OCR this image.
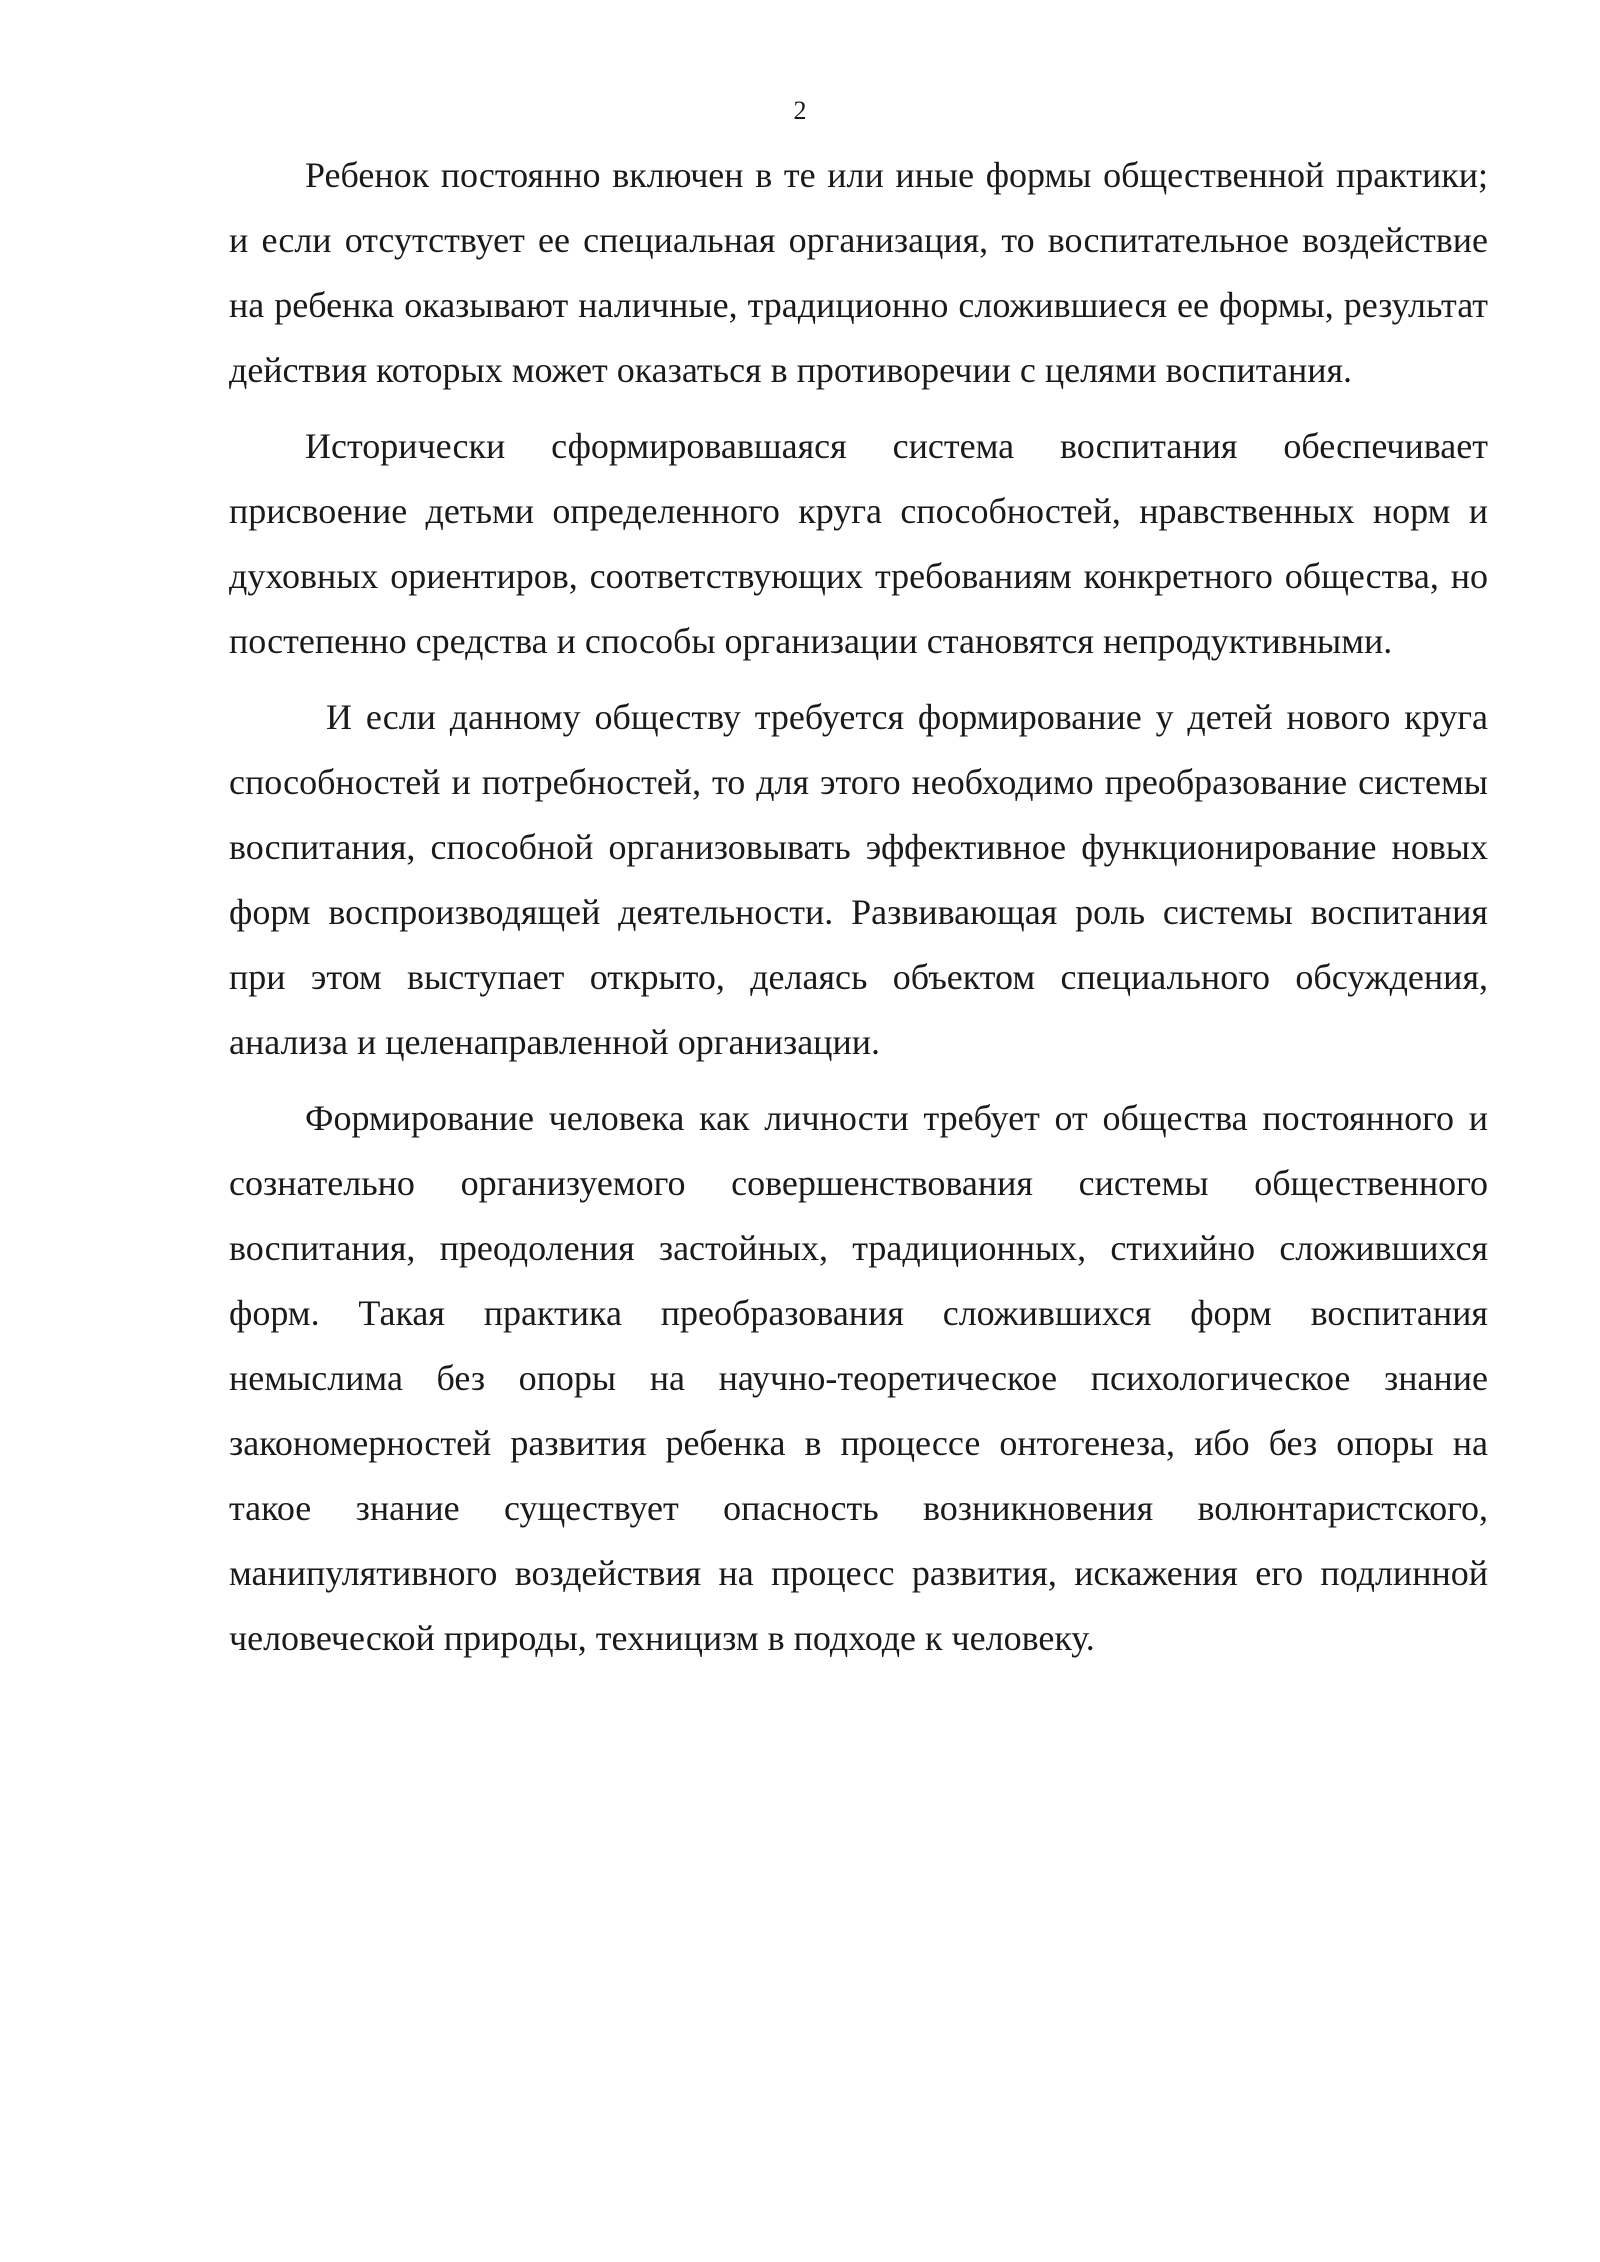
2

Ребенок постоянно включен в те или иные формы общественной практики; и если отсутствует ее специальная организация, то воспитательное воздействие на ребенка оказывают наличные, традиционно сложившиеся ее формы, результат действия которых может оказаться в противоречии с целями воспитания.

Исторически сформировавшаяся система воспитания обеспечивает присвоение детьми определенного круга способностей, нравственных норм и духовных ориентиров, соответствующих требованиям конкретного общества, но постепенно средства и способы организации становятся непродуктивными.

И если данному обществу требуется формирование у детей нового круга способностей и потребностей, то для этого необходимо преобразование системы воспитания, способной организовывать эффективное функционирование новых форм воспроизводящей деятельности. Развивающая роль системы воспитания при этом выступает открыто, делаясь объектом специального обсуждения, анализа и целенаправленной организации.

Формирование человека как личности требует от общества постоянного и сознательно организуемого совершенствования системы общественного воспитания, преодоления застойных, традиционных, стихийно сложившихся форм. Такая практика преобразования сложившихся форм воспитания немыслима без опоры на научно-теоретическое психологическое знание закономерностей развития ребенка в процессе онтогенеза, ибо без опоры на такое знание существует опасность возникновения волюнтаристского, манипулятивного воздействия на процесс развития, искажения его подлинной человеческой природы, техницизм в подходе к человеку.
